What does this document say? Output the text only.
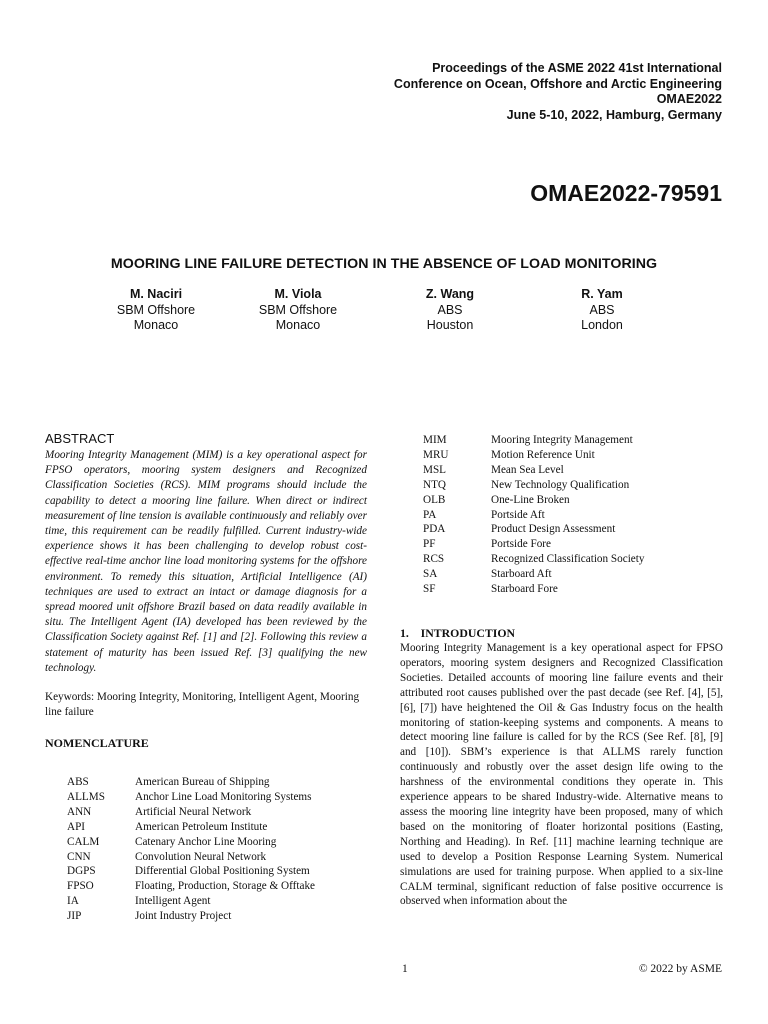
Proceedings of the ASME 2022 41st International
Conference on Ocean, Offshore and Arctic Engineering
OMAE2022
June 5-10, 2022, Hamburg, Germany
OMAE2022-79591
MOORING LINE FAILURE DETECTION IN THE ABSENCE OF LOAD MONITORING
M. Naciri
SBM Offshore
Monaco
M. Viola
SBM Offshore
Monaco
Z. Wang
ABS
Houston
R. Yam
ABS
London
ABSTRACT
Mooring Integrity Management (MIM) is a key operational aspect for FPSO operators, mooring system designers and Recognized Classification Societies (RCS). MIM programs should include the capability to detect a mooring line failure. When direct or indirect measurement of line tension is available continuously and reliably over time, this requirement can be readily fulfilled. Current industry-wide experience shows it has been challenging to develop robust cost-effective real-time anchor line load monitoring systems for the offshore environment. To remedy this situation, Artificial Intelligence (AI) techniques are used to extract an intact or damage diagnosis for a spread moored unit offshore Brazil based on data readily available in situ. The Intelligent Agent (IA) developed has been reviewed by the Classification Society against Ref. [1] and [2]. Following this review a statement of maturity has been issued Ref. [3] qualifying the new technology.
Keywords: Mooring Integrity, Monitoring, Intelligent Agent, Mooring line failure
NOMENCLATURE
ABS	American Bureau of Shipping
ALLMS	Anchor Line Load Monitoring Systems
ANN	Artificial Neural Network
API	American Petroleum Institute
CALM	Catenary Anchor Line Mooring
CNN	Convolution Neural Network
DGPS	Differential Global Positioning System
FPSO	Floating, Production, Storage & Offtake
IA	Intelligent Agent
JIP	Joint Industry Project
MIM	Mooring Integrity Management
MRU	Motion Reference Unit
MSL	Mean Sea Level
NTQ	New Technology Qualification
OLB	One-Line Broken
PA	Portside Aft
PDA	Product Design Assessment
PF	Portside Fore
RCS	Recognized Classification Society
SA	Starboard Aft
SF	Starboard Fore
1.    INTRODUCTION
Mooring Integrity Management is a key operational aspect for FPSO operators, mooring system designers and Recognized Classification Societies. Detailed accounts of mooring line failure events and their attributed root causes published over the past decade (see Ref. [4], [5], [6], [7]) have heightened the Oil & Gas Industry focus on the health monitoring of station-keeping systems and components. A means to detect mooring line failure is called for by the RCS (See Ref. [8], [9] and [10]). SBM’s experience is that ALLMS rarely function continuously and robustly over the asset design life owing to the harshness of the environmental conditions they operate in. This experience appears to be shared Industry-wide. Alternative means to assess the mooring line integrity have been proposed, many of which based on the monitoring of floater horizontal positions (Easting, Northing and Heading). In Ref. [11] machine learning technique are used to develop a Position Response Learning System. Numerical simulations are used for training purpose. When applied to a six-line CALM terminal, significant reduction of false positive occurrence is observed when information about the
1	© 2022 by ASME
